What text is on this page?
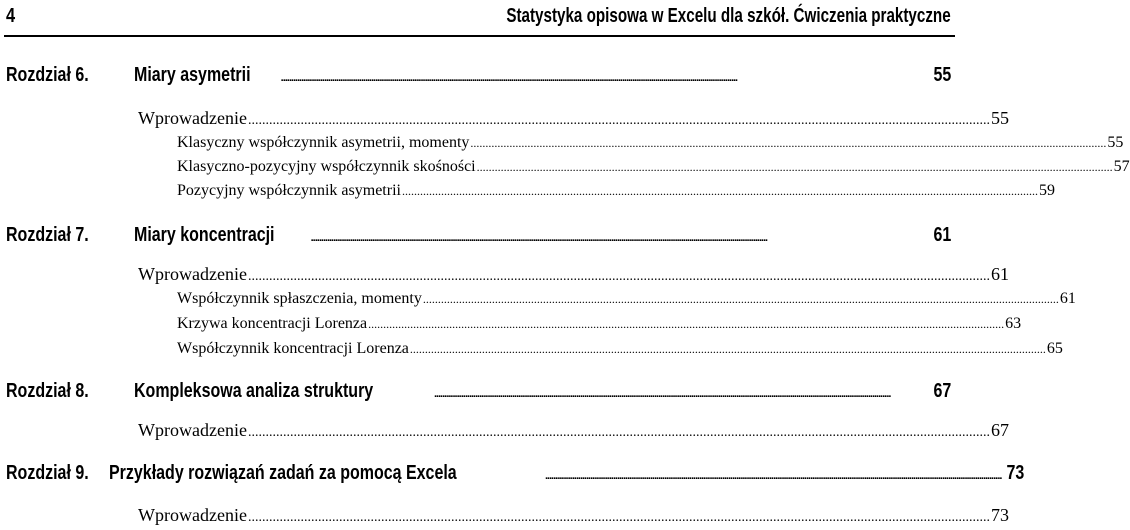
4	Statystyka opisowa w Excelu dla szkół. Ćwiczenia praktyczne
Rozdział 6.	Miary asymetrii	..............................................................................................................................................................................................................................	55
Wprowadzenie .................................................................................................................................................................................................................... 55
Klasyczny współczynnik asymetrii, momenty .................................................................................................................................................................................................................... 55
Klasyczno-pozycyjny współczynnik skośności .................................................................................................................................................................................................................... 57
Pozycyjny współczynnik asymetrii .................................................................................................................................................................................................................... 59
Rozdział 7.	Miary koncentracji	..............................................................................................................................................................................................................................	61
Wprowadzenie .................................................................................................................................................................................................................... 61
Współczynnik spłaszczenia, momenty .................................................................................................................................................................................................................... 61
Krzywa koncentracji Lorenza .................................................................................................................................................................................................................... 63
Współczynnik koncentracji Lorenza .................................................................................................................................................................................................................... 65
Rozdział 8.	Kompleksowa analiza struktury	..............................................................................................................................................................................................................................	67
Wprowadzenie .................................................................................................................................................................................................................... 67
Rozdział 9. Przykłady rozwiązań zadań za pomocą Excela	.............................................................................................................................................................................................................................. 73
Wprowadzenie .................................................................................................................................................................................................................... 73
